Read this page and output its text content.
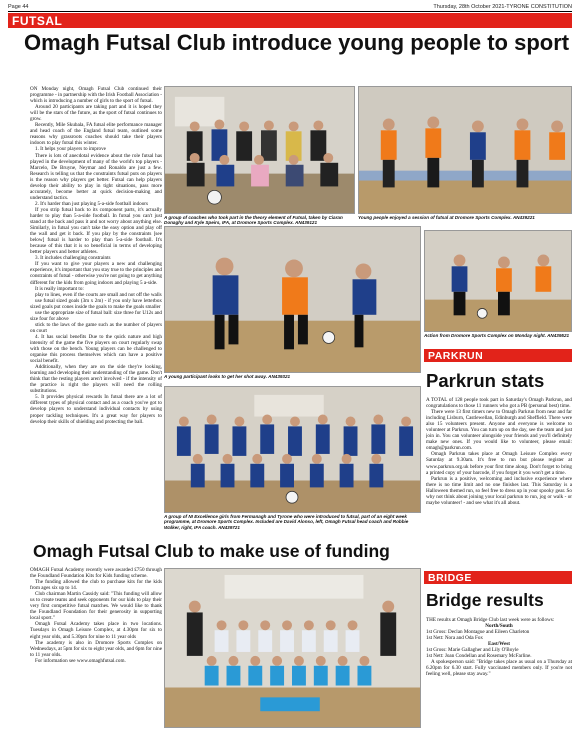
Page 44	Thursday, 28th October 2021-TYRONE CONSTITUTION
FUTSAL
Omagh Futsal Club introduce young people to sport

ON Monday night, Omagh Futsal Club continued their programme - in partnership with the Irish Football Association - which is introducing a number of girls to the sport of futsal.

Around 20 participants are taking part and it is hoped they will be the stars of the future, as the sport of futsal continues to grow.

Recently, Mile Skubala, FA futsal elite performance manager and head coach of the England futsal team, outlined some reasons why grassroots coaches should take their players indoors to play futsal this winter.

1. It helps your players to improve

There is lots of anecdotal evidence about the role futsal has played in the development of many of the world's top players - Marcelo, De Bruyne, Neymar and Ronaldo are just a few. Research is telling us that the constraints futsal puts on players is the reason why players get better. Futsal can help players develop their ability to play in tight situations, pass more accurately, become better at quick decision-making and understand tactics.

2. It's harder than just playing 5-a-side football indoors

If you strip futsal back to its component parts, it's actually harder to play than 5-a-side football. In futsal you can't just stand at the back and pass it and not worry about anything else. Similarly, in futsal you can't take the easy option and play off the wall and get it back. If you play by the constraints [see below] futsal is harder to play than 5-a-side football. It's because of this that it is so beneficial in terms of developing better players and better athletes.

3. It includes challenging constraints

If you want to give your players a new and challenging experience, it's important that you stay true to the principles and constraints of futsal - otherwise you're not going to get anything different for the kids from going indoors and playing 5 a-side.

It is really important to:

play to lines, even if the courts are small and not off the walls

use futsal sized goals (3m x 2m) - if you only have letterbox sized goals put cones inside the goals to make the goals smaller

use the appropriate size of futsal ball: size three for U12s and size four for above

stick to the laws of the game such as the number of players on court

4. It has social benefits Due to the quick nature and high intensity of the game the five players on court regularly swap with those on the bench. Young players can be challenged to organise this process themselves which can have a positive social benefit.

Additionally, when they are on the side they're looking, learning and developing their understanding of the game. Don't think that the resting players aren't involved - if the intensity of the practice is right the players will need the rolling substitutions.

5. It provides physical rewards In futsal there are a lot of different types of physical contact and as a coach you've got to develop players to understand individual contacts by using proper tackling techniques. It's a great way for players to develop their skills of shielding and protecting the ball.

A group of coaches who took part in the theory element of Futsal, taken by Ciaran Donaghy and Kyle Speirs, IFA, at Dromore Sports Complex. AN439121
Young people enjoyed a session of futsal at Dromore Sports Complex. AN439221
A young participant looks to get her shot away. AN439321
Action from Dromore Sports Complex on Monday night. AN439521
PARKRUN
Parkrun stats

A TOTAL of 128 people took part in Saturday's Omagh Parkrun, and congratulations to those 11 runners who got a PB (personal best) time.

There were 13 first timers new to Omagh Parkrun from near and far including Lisburn, Castlewellan, Edinburgh and Sheffield. There were also 15 volunteers present. Anyone and everyone is welcome to volunteer at Parkrun. You can turn up on the day, see the team and just join in. You can volunteer alongside your friends and you'll definitely make new ones. If you would like to volunteer, please email: omagh@parkrun.com.

Omagh Parkrun takes place at Omagh Leisure Complex every Saturday at 9.30am. It's free to run but please register at www.parkrun.org.uk before your first time along. Don't forget to bring a printed copy of your barcode, if you forget it you won't get a time.

Parkrun is a positive, welcoming and inclusive experience where there is no time limit and no one finishes last. This Saturday is a Halloween themed run, so feel free to dress up in your spooky gear. So why not think about joining your local parkrun to run, jog or walk - or maybe volunteer! - and see what it's all about.

A group of NI Excellence girls from Fermanagh and Tyrone who were introduced to futsal, part of an eight week programme, at Dromore Sports Complex. Included are David Alonso, left, Omagh Futsal head coach and Robbie Walker, right, IFA coach. AN439721
Omagh Futsal Club to make use of funding

OMAGH Futsal Academy recently were awarded £750 through the Foundland Foundation Kits for Kids funding scheme.

The funding allowed the club to purchase kits for the kids from ages six up to 14.

Club chairman Martin Cassidy said: "This funding will allow us to create teams and seek opponents for our kids to play their very first competitive futsal matches. We would like to thank the Foundland Foundation for their generosity in supporting local sport."

Omagh Futsal Academy takes place in two locations. Tuesdays in Omagh Leisure Complex, at 4.30pm for six to eight year olds, and 5.30pm for nine to 11 year olds

The academy is also in Dromore Sports Complex on Wednesdays, at 5pm for six to eight year olds, and 6pm for nine to 11 year olds.

For information see www.omaghfutsal.com.

BRIDGE
Bridge results

THE results at Omagh Bridge Club last week were as follows:

North/South

1st Gross: Declan Montague and Eileen Charleton

1st Nett: Nora and Oda Fox

East/West

1st Gross: Marie Gallagher and Lily O'Boyle

1st Nett: Joan Condellan and Rosemary McFarline.

A spokesperson said: "Bridge takes place as usual on a Thursday at 6.20pm for 6.30 start. Fully vaccinated members only. If you're not feeling well, please stay away."
